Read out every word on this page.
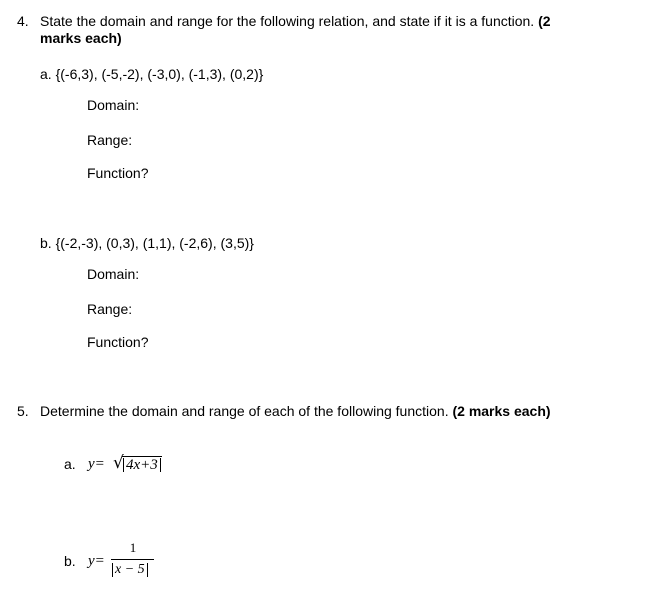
4. State the domain and range for the following relation, and state if it is a function. (2
marks each)
a. {(-6,3), (-5,-2), (-3,0), (-1,3), (0,2)}
Domain:
Range:
Function?
b. {(-2,-3), (0,3), (1,1), (-2,6), (3,5)}
Domain:
Range:
Function?
5. Determine the domain and range of each of the following function. (2 marks each)
a. y= √ 4x+3
b. y=
1
x − 5
